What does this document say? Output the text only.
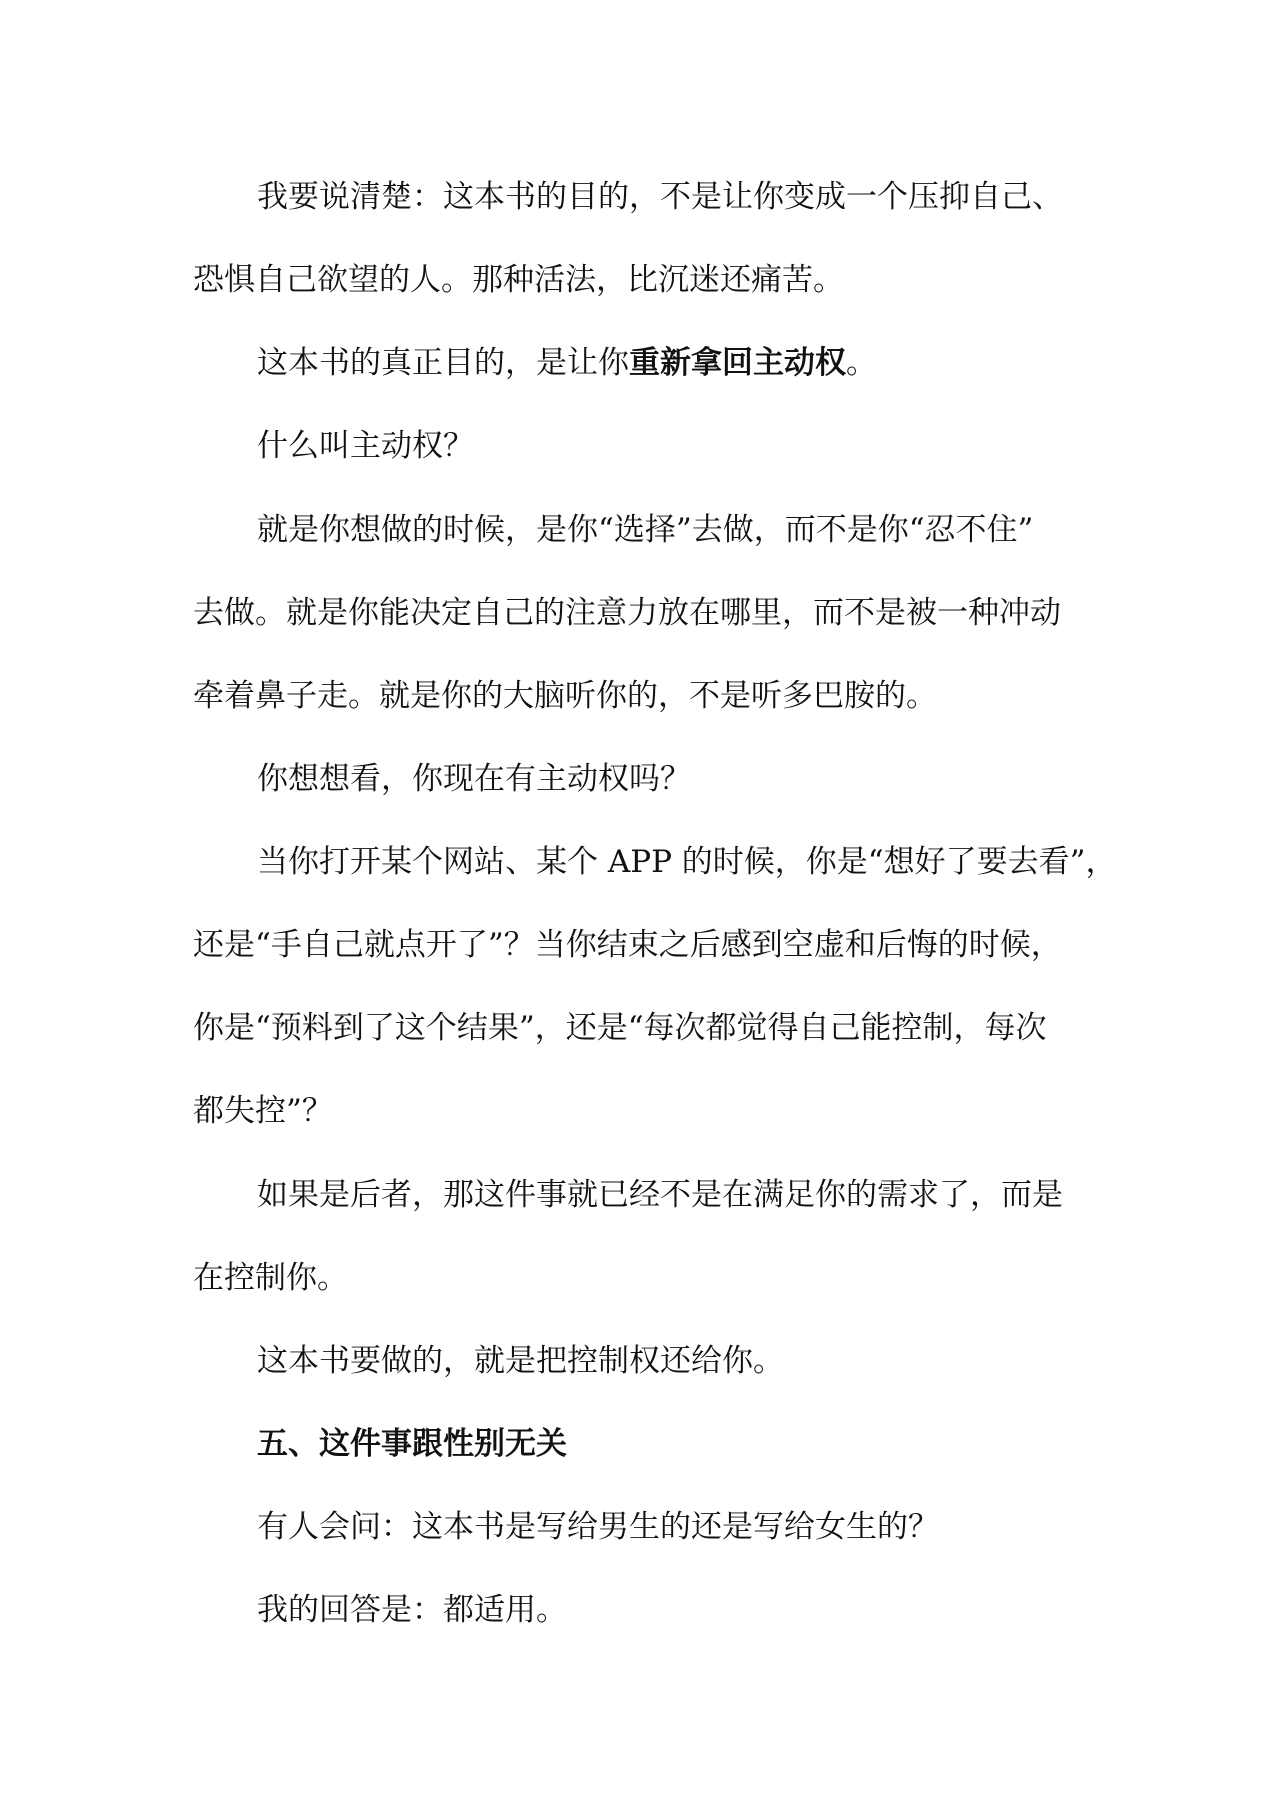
我要说清楚：这本书的目的，不是让你变成一个压抑自己、
恐惧自己欲望的人。那种活法，比沉迷还痛苦。
这本书的真正目的，是让你重新拿回主动权。
什么叫主动权？
就是你想做的时候，是你“选择”去做，而不是你“忍不住”
去做。就是你能决定自己的注意力放在哪里，而不是被一种冲动
牵着鼻子走。就是你的大脑听你的，不是听多巴胺的。
你想想看，你现在有主动权吗？
当你打开某个网站、某个 APP 的时候，你是“想好了要去看”，
还是“手自己就点开了”？当你结束之后感到空虚和后悔的时候，
你是“预料到了这个结果”，还是“每次都觉得自己能控制，每次
都失控”？
如果是后者，那这件事就已经不是在满足你的需求了，而是
在控制你。
这本书要做的，就是把控制权还给你。
五、这件事跟性别无关
有人会问：这本书是写给男生的还是写给女生的？
我的回答是：都适用。
